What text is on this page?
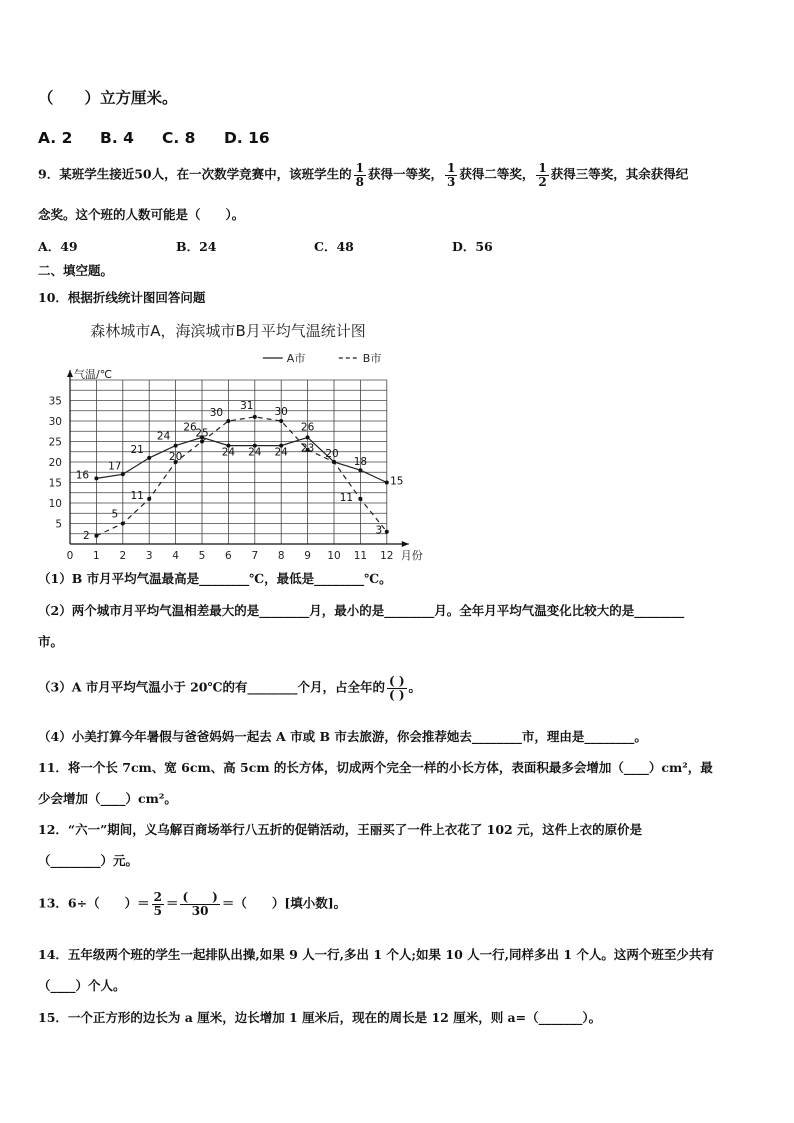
（　　）立方厘米。
A. 2 B. 4 C. 8 D. 16
9．某班学生接近50人，在一次数学竞赛中，该班学生的 $\frac{1}{8}$ 获得一等奖， $\frac{1}{3}$ 获得二等奖， $\frac{1}{2}$ 获得三等奖，其余获得纪
念奖。这个班的人数可能是（　　）。
A．49	B．24	C．48	D．56
二、填空题。
10．根据折线统计图回答问题
森林城市A，海滨城市B月平均气温统计图
气温/℃
月份
0 1 2 3 4 5 6 7 8 9 10 11 12
5
10
15
20
25
30
35
A市	B市
16
17
21
24
26
24 24 24
26
20
18
15
2
5
11
20
25
30
31
30
23
11
3
（1）B 市月平均气温最高是________℃，最低是________℃。
（2）两个城市月平均气温相差最大的是________月，最小的是________月。全年月平均气温变化比较大的是________
市。
（3）A 市月平均气温小于 20℃的有________个月，占全年的 $\frac{( )}{( )}$ 。
（4）小美打算今年暑假与爸爸妈妈一起去 A 市或 B 市去旅游，你会推荐她去________市，理由是________。
11．将一个长 7cm、宽 6cm、高 5cm 的长方体，切成两个完全一样的小长方体，表面积最多会增加（____）cm²，最
少会增加（____）cm²。
12．“六一”期间，义乌解百商场举行八五折的促销活动，王丽买了一件上衣花了 102 元，这件上衣的原价是
（________）元。
13．6÷（　　）＝ $\frac{2}{5} = \frac{( )}{30}$ ＝（　　）[填小数]。
14．五年级两个班的学生一起排队出操,如果 9 人一行,多出 1 个人;如果 10 人一行,同样多出 1 个人。这两个班至少共有
（____）个人。
15．一个正方形的边长为 a 厘米，边长增加 1 厘米后，现在的周长是 12 厘米，则 a=（_______）。
